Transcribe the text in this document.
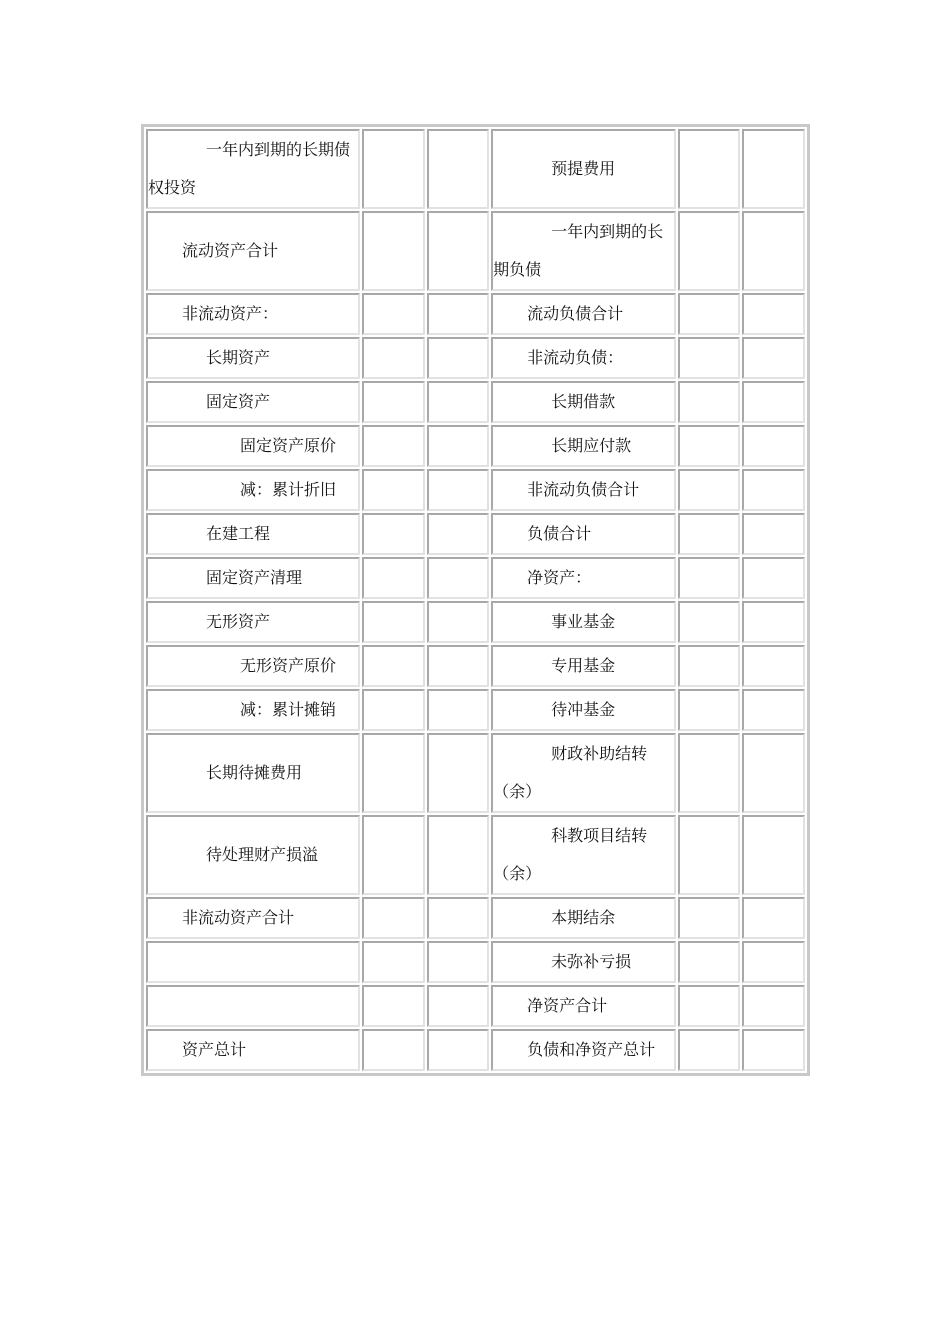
一年内到期的长期债权投资			预提费用		

流动资产合计			一年内到期的长期负债		

非流动资产：			流动负债合计		

长期资产			非流动负债：		

固定资产			长期借款		

固定资产原价			长期应付款		

减：累计折旧			非流动负债合计		

在建工程			负债合计		

固定资产清理			净资产：		

无形资产			事业基金		

无形资产原价			专用基金		

减：累计摊销			待冲基金		

长期待摊费用			财政补助结转（余）		

待处理财产损溢			科教项目结转（余）		

非流动资产合计			本期结余		

			未弥补亏损		

			净资产合计		

资产总计			负债和净资产总计		
